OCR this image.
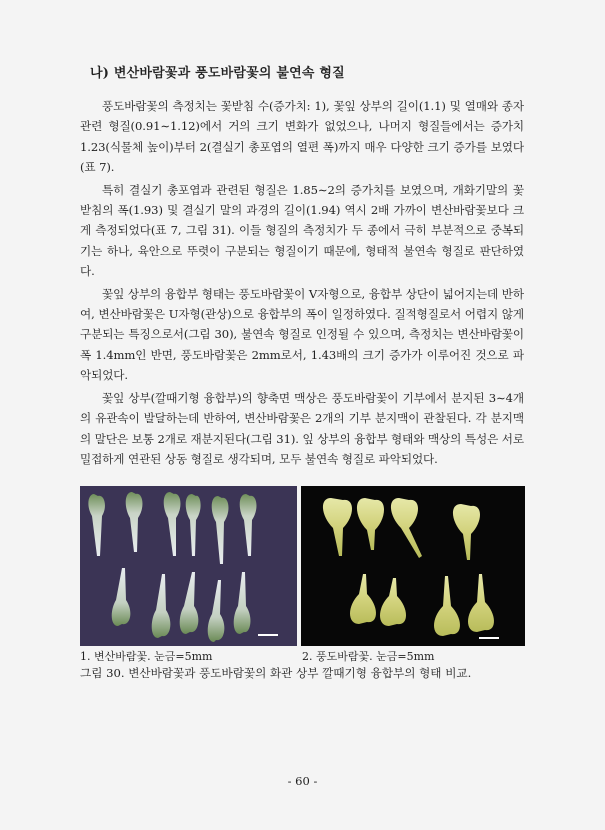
나) 변산바람꽃과 풍도바람꽃의 불연속 형질

풍도바람꽃의 측정치는 꽃받침 수(증가치: 1), 꽃잎 상부의 길이(1.1) 및 열매와 종자 관련 형질(0.91∼1.12)에서 거의 크기 변화가 없었으나, 나머지 형질들에서는 증가치 1.23(식물체 높이)부터 2(결실기 총포엽의 열편 폭)까지 매우 다양한 크기 증가를 보였다(표 7).

특히 결실기 총포엽과 관련된 형질은 1.85∼2의 증가치를 보였으며, 개화기말의 꽃받침의 폭(1.93) 및 결실기 말의 과경의 길이(1.94) 역시 2배 가까이 변산바람꽃보다 크게 측정되었다(표 7, 그림 31). 이들 형질의 측정치가 두 종에서 극히 부분적으로 중복되기는 하나, 육안으로 뚜렷이 구분되는 형질이기 때문에, 형태적 불연속 형질로 판단하였다.

꽃잎 상부의 융합부 형태는 풍도바람꽃이 V자형으로, 융합부 상단이 넓어지는데 반하여, 변산바람꽃은 U자형(관상)으로 융합부의 폭이 일정하였다. 질적형질로서 어렵지 않게 구분되는 특징으로서(그림 30), 불연속 형질로 인정될 수 있으며, 측정치는 변산바람꽃이 폭 1.4mm인 반면, 풍도바람꽃은 2mm로서, 1.43배의 크기 증가가 이루어진 것으로 파악되었다.

꽃잎 상부(깔때기형 융합부)의 향축면 맥상은 풍도바람꽃이 기부에서 분지된 3∼4개의 유관속이 발달하는데 반하여, 변산바람꽃은 2개의 기부 분지맥이 관찰된다. 각 분지맥의 말단은 보통 2개로 재분지된다(그림 31). 잎 상부의 융합부 형태와 맥상의 특성은 서로 밀접하게 연관된 상동 형질로 생각되며, 모두 불연속 형질로 파악되었다.

1. 변산바람꽃. 눈금=5mm	2. 풍도바람꽃. 눈금=5mm
그림 30. 변산바람꽃과 풍도바람꽃의 화관 상부 깔때기형 융합부의 형태 비교.
- 60 -
